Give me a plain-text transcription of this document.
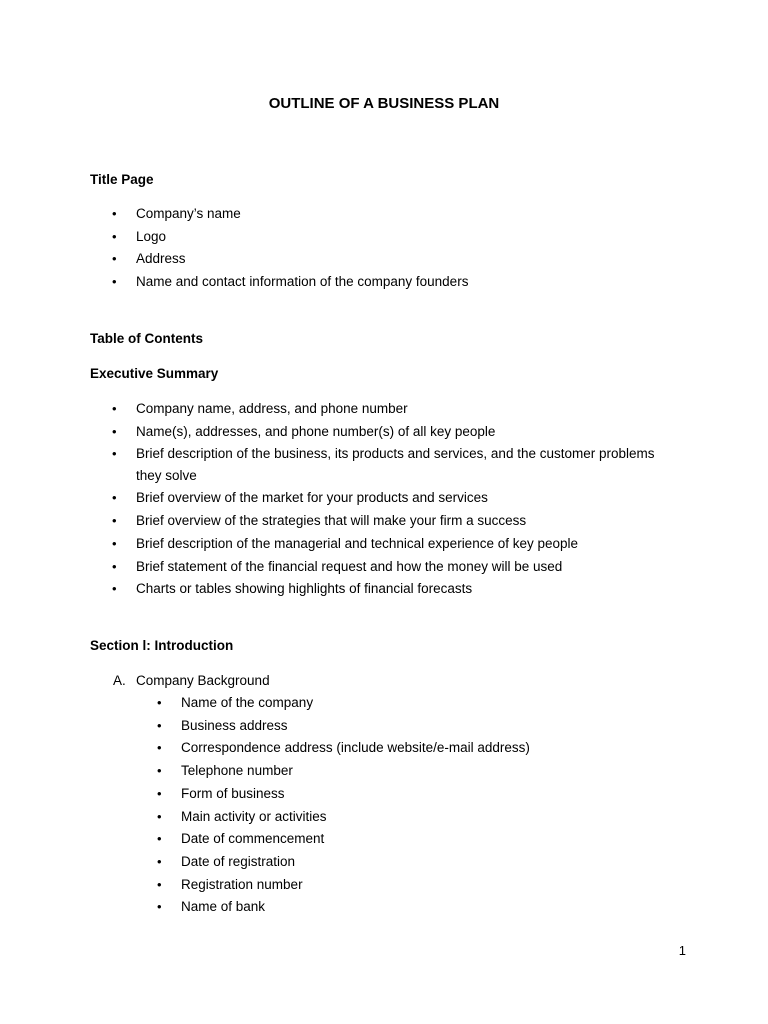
OUTLINE OF A BUSINESS PLAN
Title Page
• Company’s name
• Logo
• Address
• Name and contact information of the company founders
Table of Contents
Executive Summary
• Company name, address, and phone number
• Name(s), addresses, and phone number(s) of all key people
• Brief description of the business, its products and services, and the customer problems
they solve
• Brief overview of the market for your products and services
• Brief overview of the strategies that will make your firm a success
• Brief description of the managerial and technical experience of key people
• Brief statement of the financial request and how the money will be used
• Charts or tables showing highlights of financial forecasts
Section l: Introduction
A. Company Background
• Name of the company
• Business address
• Correspondence address (include website/e-mail address)
• Telephone number
• Form of business
• Main activity or activities
• Date of commencement
• Date of registration
• Registration number
• Name of bank
1
